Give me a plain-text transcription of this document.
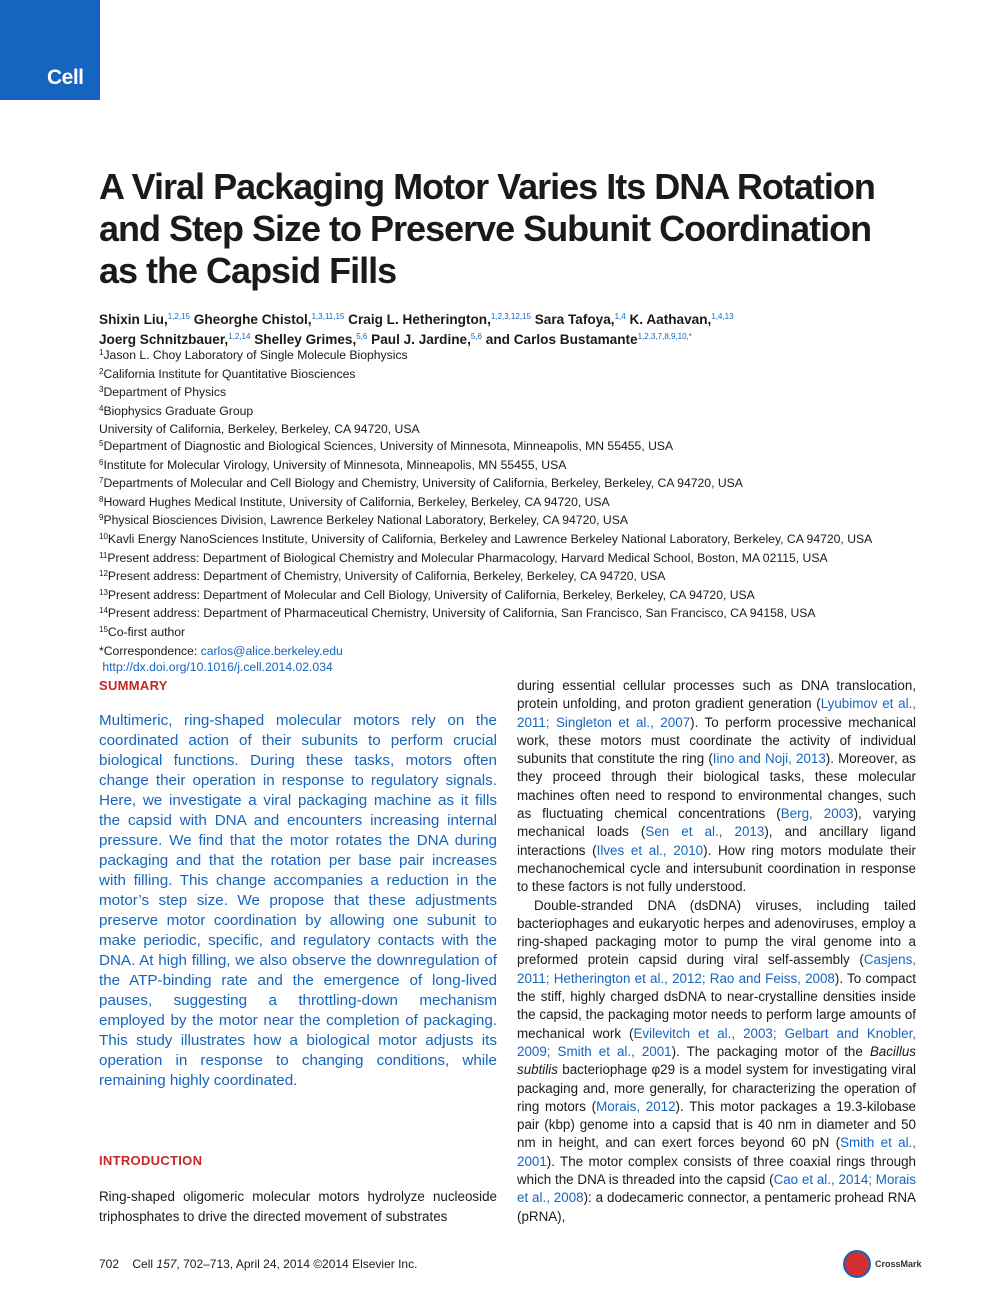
Cell
A Viral Packaging Motor Varies Its DNA Rotation and Step Size to Preserve Subunit Coordination as the Capsid Fills
Shixin Liu,$^{1,2,15}$ Gheorghe Chistol,$^{1,3,11,15}$ Craig L. Hetherington,$^{1,2,3,12,15}$ Sara Tafoya,$^{1,4}$ K. Aathavan,$^{1,4,13}$
Joerg Schnitzbauer,$^{1,2,14}$ Shelley Grimes,$^{5,6}$ Paul J. Jardine,$^{5,6}$ and Carlos Bustamante$^{1,2,3,7,8,9,10,*}$
$^1$Jason L. Choy Laboratory of Single Molecule Biophysics
$^2$California Institute for Quantitative Biosciences
$^3$Department of Physics
$^4$Biophysics Graduate Group
University of California, Berkeley, Berkeley, CA 94720, USA
$^5$Department of Diagnostic and Biological Sciences, University of Minnesota, Minneapolis, MN 55455, USA
$^6$Institute for Molecular Virology, University of Minnesota, Minneapolis, MN 55455, USA
$^7$Departments of Molecular and Cell Biology and Chemistry, University of California, Berkeley, Berkeley, CA 94720, USA
$^8$Howard Hughes Medical Institute, University of California, Berkeley, Berkeley, CA 94720, USA
$^9$Physical Biosciences Division, Lawrence Berkeley National Laboratory, Berkeley, CA 94720, USA
$^{10}$Kavli Energy NanoSciences Institute, University of California, Berkeley and Lawrence Berkeley National Laboratory, Berkeley, CA 94720, USA
$^{11}$Present address: Department of Biological Chemistry and Molecular Pharmacology, Harvard Medical School, Boston, MA 02115, USA
$^{12}$Present address: Department of Chemistry, University of California, Berkeley, Berkeley, CA 94720, USA
$^{13}$Present address: Department of Molecular and Cell Biology, University of California, Berkeley, Berkeley, CA 94720, USA
$^{14}$Present address: Department of Pharmaceutical Chemistry, University of California, San Francisco, San Francisco, CA 94158, USA
$^{15}$Co-first author
*Correspondence: carlos@alice.berkeley.edu
http://dx.doi.org/10.1016/j.cell.2014.02.034
SUMMARY
Multimeric, ring-shaped molecular motors rely on the coordinated action of their subunits to perform crucial biological functions. During these tasks, motors often change their operation in response to regulatory signals. Here, we investigate a viral packaging machine as it fills the capsid with DNA and encounters increasing internal pressure. We find that the motor rotates the DNA during packaging and that the rotation per base pair increases with filling. This change accompanies a reduction in the motor’s step size. We propose that these adjustments preserve motor coordination by allowing one subunit to make periodic, specific, and regulatory contacts with the DNA. At high filling, we also observe the downregulation of the ATP-binding rate and the emergence of long-lived pauses, suggesting a throttling-down mechanism employed by the motor near the completion of packaging. This study illustrates how a biological motor adjusts its operation in response to changing conditions, while remaining highly coordinated.
INTRODUCTION
Ring-shaped oligomeric molecular motors hydrolyze nucleoside triphosphates to drive the directed movement of substrates

during essential cellular processes such as DNA translocation, protein unfolding, and proton gradient generation (Lyubimov et al., 2011; Singleton et al., 2007). To perform processive mechanical work, these motors must coordinate the activity of individual subunits that constitute the ring (Iino and Noji, 2013). Moreover, as they proceed through their biological tasks, these molecular machines often need to respond to environmental changes, such as fluctuating chemical concentrations (Berg, 2003), varying mechanical loads (Sen et al., 2013), and ancillary ligand interactions (Ilves et al., 2010). How ring motors modulate their mechanochemical cycle and intersubunit coordination in response to these factors is not fully understood.

Double-stranded DNA (dsDNA) viruses, including tailed bacteriophages and eukaryotic herpes and adenoviruses, employ a ring-shaped packaging motor to pump the viral genome into a preformed protein capsid during viral self-assembly (Casjens, 2011; Hetherington et al., 2012; Rao and Feiss, 2008). To compact the stiff, highly charged dsDNA to near-crystalline densities inside the capsid, the packaging motor needs to perform large amounts of mechanical work (Evilevitch et al., 2003; Gelbart and Knobler, 2009; Smith et al., 2001). The packaging motor of the Bacillus subtilis bacteriophage φ29 is a model system for investigating viral packaging and, more generally, for characterizing the operation of ring motors (Morais, 2012). This motor packages a 19.3-kilobase pair (kbp) genome into a capsid that is 40 nm in diameter and 50 nm in height, and can exert forces beyond 60 pN (Smith et al., 2001). The motor complex consists of three coaxial rings through which the DNA is threaded into the capsid (Cao et al., 2014; Morais et al., 2008): a dodecameric connector, a pentameric prohead RNA (pRNA),

702 Cell 157, 702–713, April 24, 2014 ©2014 Elsevier Inc.	CrossMark
